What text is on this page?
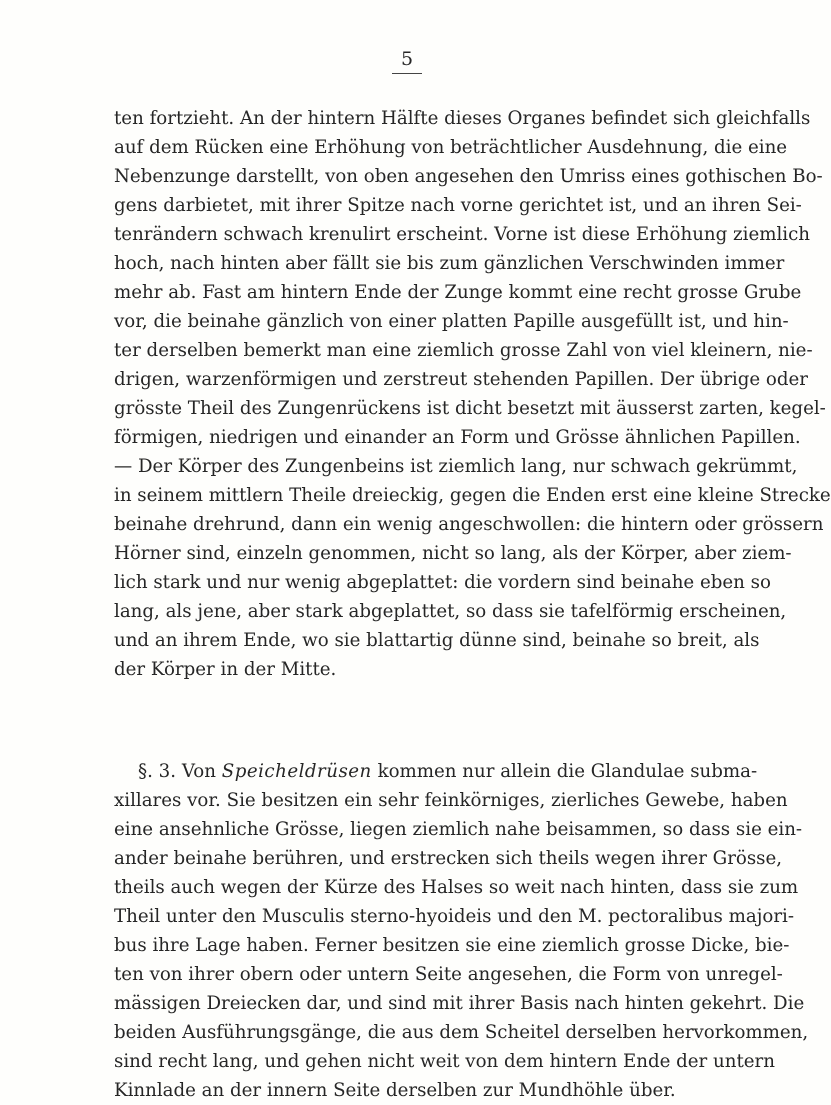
5
ten fortzieht. An der hintern Hälfte dieses Organes befindet sich gleichfalls
auf dem Rücken eine Erhöhung von beträchtlicher Ausdehnung, die eine
Nebenzunge darstellt, von oben angesehen den Umriss eines gothischen Bo-
gens darbietet, mit ihrer Spitze nach vorne gerichtet ist, und an ihren Sei-
tenrändern schwach krenulirt erscheint. Vorne ist diese Erhöhung ziemlich
hoch, nach hinten aber fällt sie bis zum gänzlichen Verschwinden immer
mehr ab. Fast am hintern Ende der Zunge kommt eine recht grosse Grube
vor, die beinahe gänzlich von einer platten Papille ausgefüllt ist, und hin-
ter derselben bemerkt man eine ziemlich grosse Zahl von viel kleinern, nie-
drigen, warzenförmigen und zerstreut stehenden Papillen. Der übrige oder
grösste Theil des Zungenrückens ist dicht besetzt mit äusserst zarten, kegel-
förmigen, niedrigen und einander an Form und Grösse ähnlichen Papillen.
— Der Körper des Zungenbeins ist ziemlich lang, nur schwach gekrümmt,
in seinem mittlern Theile dreieckig, gegen die Enden erst eine kleine Strecke
beinahe drehrund, dann ein wenig angeschwollen: die hintern oder grössern
Hörner sind, einzeln genommen, nicht so lang, als der Körper, aber ziem-
lich stark und nur wenig abgeplattet: die vordern sind beinahe eben so
lang, als jene, aber stark abgeplattet, so dass sie tafelförmig erscheinen,
und an ihrem Ende, wo sie blattartig dünne sind, beinahe so breit, als
der Körper in der Mitte.
§. 3. Von Speicheldrüsen kommen nur allein die Glandulae subma-
xillares vor. Sie besitzen ein sehr feinkörniges, zierliches Gewebe, haben
eine ansehnliche Grösse, liegen ziemlich nahe beisammen, so dass sie ein-
ander beinahe berühren, und erstrecken sich theils wegen ihrer Grösse,
theils auch wegen der Kürze des Halses so weit nach hinten, dass sie zum
Theil unter den Musculis sterno-hyoideis und den M. pectoralibus majori-
bus ihre Lage haben. Ferner besitzen sie eine ziemlich grosse Dicke, bie-
ten von ihrer obern oder untern Seite angesehen, die Form von unregel-
mässigen Dreiecken dar, und sind mit ihrer Basis nach hinten gekehrt. Die
beiden Ausführungsgänge, die aus dem Scheitel derselben hervorkommen,
sind recht lang, und gehen nicht weit von dem hintern Ende der untern
Kinnlade an der innern Seite derselben zur Mundhöhle über.
